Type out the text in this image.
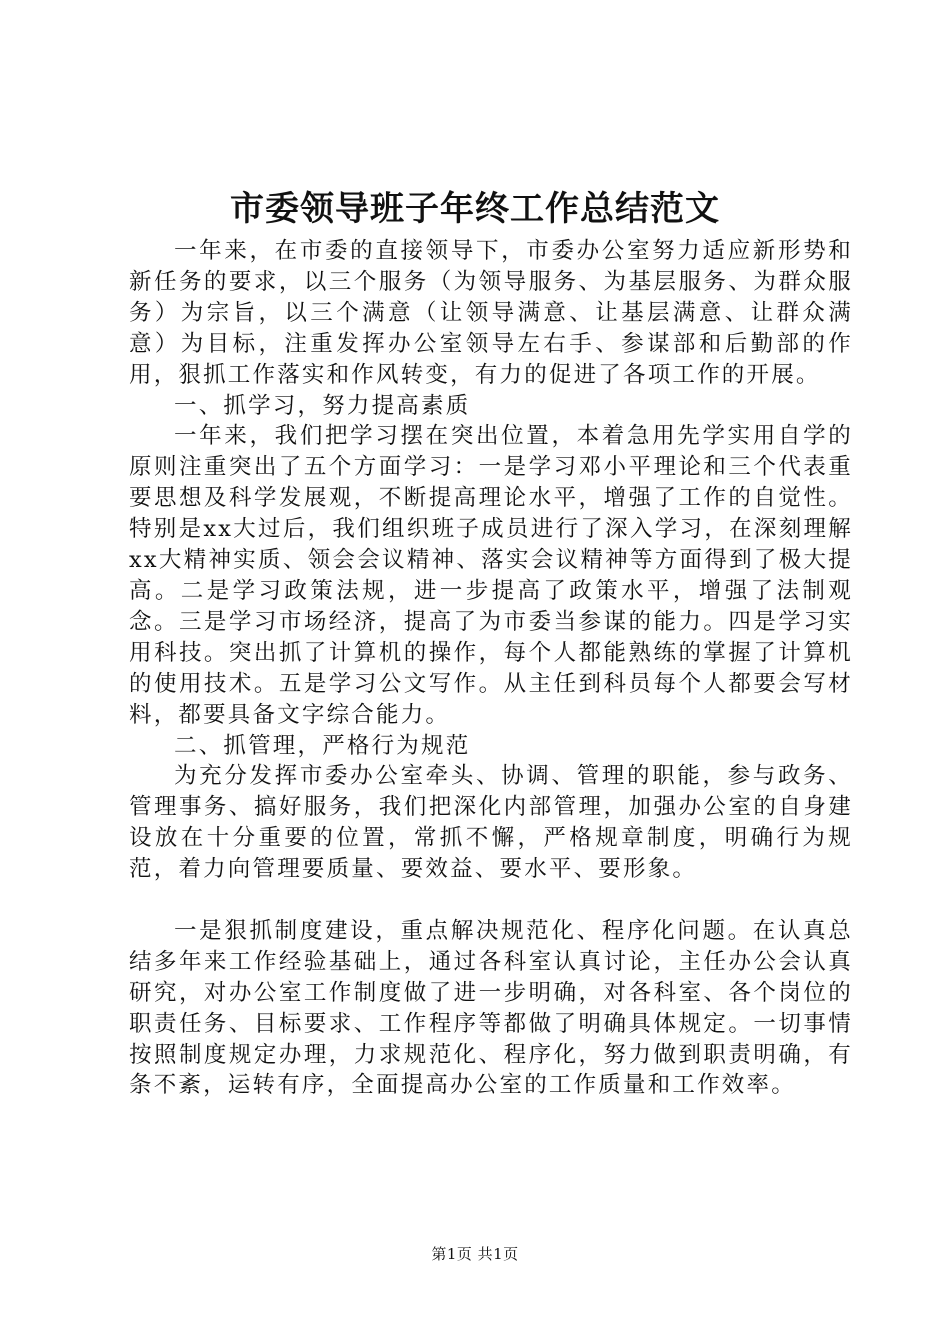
市委领导班子年终工作总结范文

一年来，在市委的直接领导下，市委办公室努力适应新形势和新任务的要求，以三个服务（为领导服务、为基层服务、为群众服务）为宗旨，以三个满意（让领导满意、让基层满意、让群众满意）为目标，注重发挥办公室领导左右手、参谋部和后勤部的作用，狠抓工作落实和作风转变，有力的促进了各项工作的开展。

一、抓学习，努力提高素质

一年来，我们把学习摆在突出位置，本着急用先学实用自学的原则注重突出了五个方面学习：一是学习邓小平理论和三个代表重要思想及科学发展观，不断提高理论水平，增强了工作的自觉性。特别是xx大过后，我们组织班子成员进行了深入学习，在深刻理解xx大精神实质、领会会议精神、落实会议精神等方面得到了极大提高。二是学习政策法规，进一步提高了政策水平，增强了法制观念。三是学习市场经济，提高了为市委当参谋的能力。四是学习实用科技。突出抓了计算机的操作，每个人都能熟练的掌握了计算机的使用技术。五是学习公文写作。从主任到科员每个人都要会写材料，都要具备文字综合能力。

二、抓管理，严格行为规范

为充分发挥市委办公室牵头、协调、管理的职能，参与政务、管理事务、搞好服务，我们把深化内部管理，加强办公室的自身建设放在十分重要的位置，常抓不懈，严格规章制度，明确行为规范，着力向管理要质量、要效益、要水平、要形象。

一是狠抓制度建设，重点解决规范化、程序化问题。在认真总结多年来工作经验基础上，通过各科室认真讨论，主任办公会认真研究，对办公室工作制度做了进一步明确，对各科室、各个岗位的职责任务、目标要求、工作程序等都做了明确具体规定。一切事情按照制度规定办理，力求规范化、程序化，努力做到职责明确，有条不紊，运转有序，全面提高办公室的工作质量和工作效率。

第1页 共1页
